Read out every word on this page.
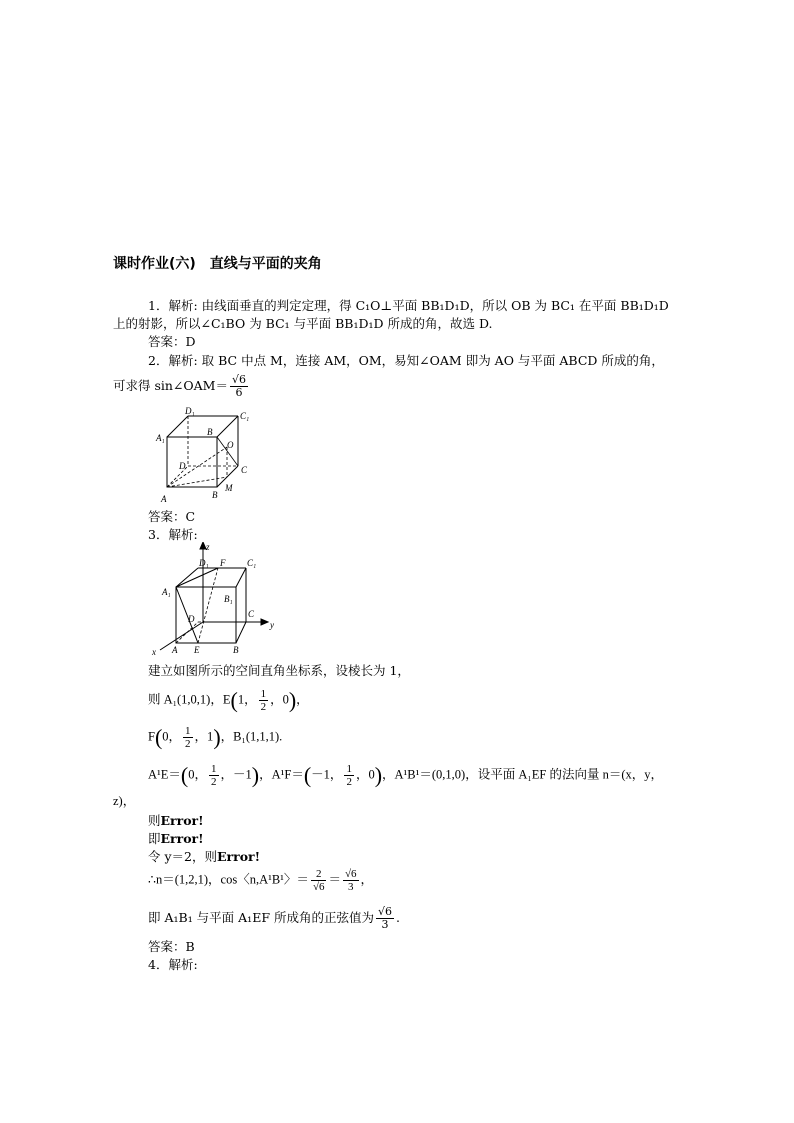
课时作业(六)　直线与平面的夹角
1．解析: 由线面垂直的判定定理，得 C₁O⊥平面 BB₁D₁D，所以 OB 为 BC₁ 在平面 BB₁D₁D
上的射影，所以∠C₁BO 为 BC₁ 与平面 BB₁D₁D 所成的角，故选 D.
答案：D
2．解析: 取 BC 中点 M，连接 AM，OM，易知∠OAM 即为 AO 与平面 ABCD 所成的角，
可求得 sin∠OAM＝ $\frac{√6}{6}$
D₁	C₁
A₁
B
O
D	C
A	B
M
答案：C
3．解析:
z
y
x
D₁ F C₁
A₁
B₁
C
D
A E	B
建立如图所示的空间直角坐标系，设棱长为 1，
则 A₁(1,0,1)，E(1， $\frac{1}{2}$ ，0)，
F(0， $\frac{1}{2}$ ，1)，B₁(1,1,1).
A¹E＝(0， $\frac{1}{2}$ ，－1)，A¹F＝(－1， $\frac{1}{2}$ ，0)，A¹B¹＝(0,1,0)，设平面 A₁EF 的法向量 n＝(x，y，
z)，
则Error!
即Error!
令 y＝2，则Error!
∴n＝(1,2,1)，cos〈n,A¹B¹〉＝ $\frac{2}{√6} = \frac{√6}{3}$ ，
即 A₁B₁ 与平面 A₁EF 所成角的正弦值为 $\frac{√6}{3}$ .
答案：B
4．解析:
